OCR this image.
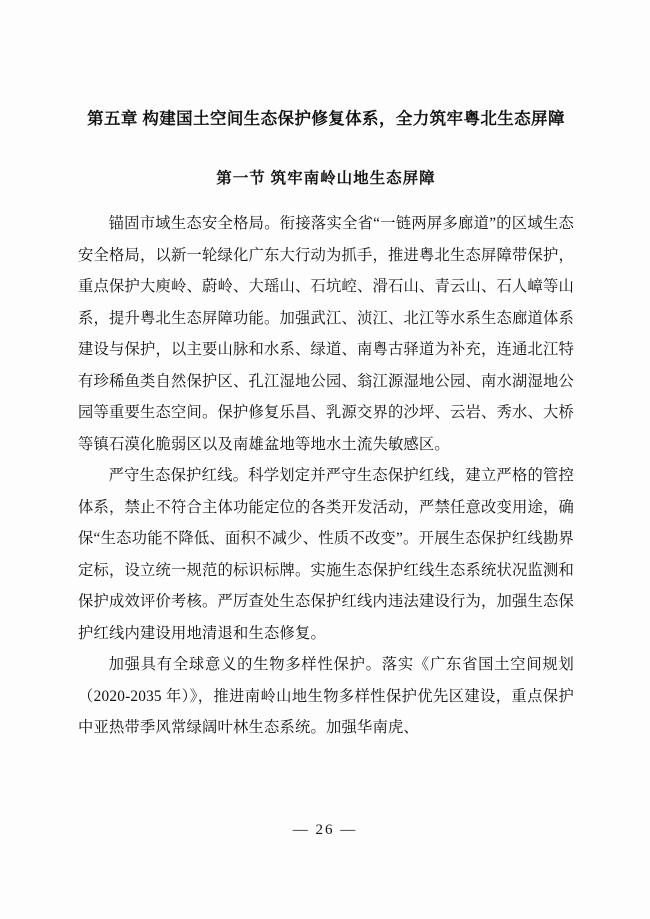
第五章 构建国土空间生态保护修复体系，全力筑牢粤北生态屏障
第一节 筑牢南岭山地生态屏障

锚固市域生态安全格局。衔接落实全省“一链两屏多廊道”的区域生态安全格局，以新一轮绿化广东大行动为抓手，推进粤北生态屏障带保护，重点保护大庾岭、蔚岭、大瑶山、石坑崆、滑石山、青云山、石人嶂等山系，提升粤北生态屏障功能。加强武江、浈江、北江等水系生态廊道体系建设与保护，以主要山脉和水系、绿道、南粤古驿道为补充，连通北江特有珍稀鱼类自然保护区、孔江湿地公园、翁江源湿地公园、南水湖湿地公园等重要生态空间。保护修复乐昌、乳源交界的沙坪、云岩、秀水、大桥等镇石漠化脆弱区以及南雄盆地等地水土流失敏感区。

严守生态保护红线。科学划定并严守生态保护红线，建立严格的管控体系，禁止不符合主体功能定位的各类开发活动，严禁任意改变用途，确保“生态功能不降低、面积不减少、性质不改变”。开展生态保护红线勘界定标，设立统一规范的标识标牌。实施生态保护红线生态系统状况监测和保护成效评价考核。严厉查处生态保护红线内违法建设行为，加强生态保护红线内建设用地清退和生态修复。

加强具有全球意义的生物多样性保护。落实《广东省国土空间规划（2020-2035 年）》，推进南岭山地生物多样性保护优先区建设，重点保护中亚热带季风常绿阔叶林生态系统。加强华南虎、

— 26 —
